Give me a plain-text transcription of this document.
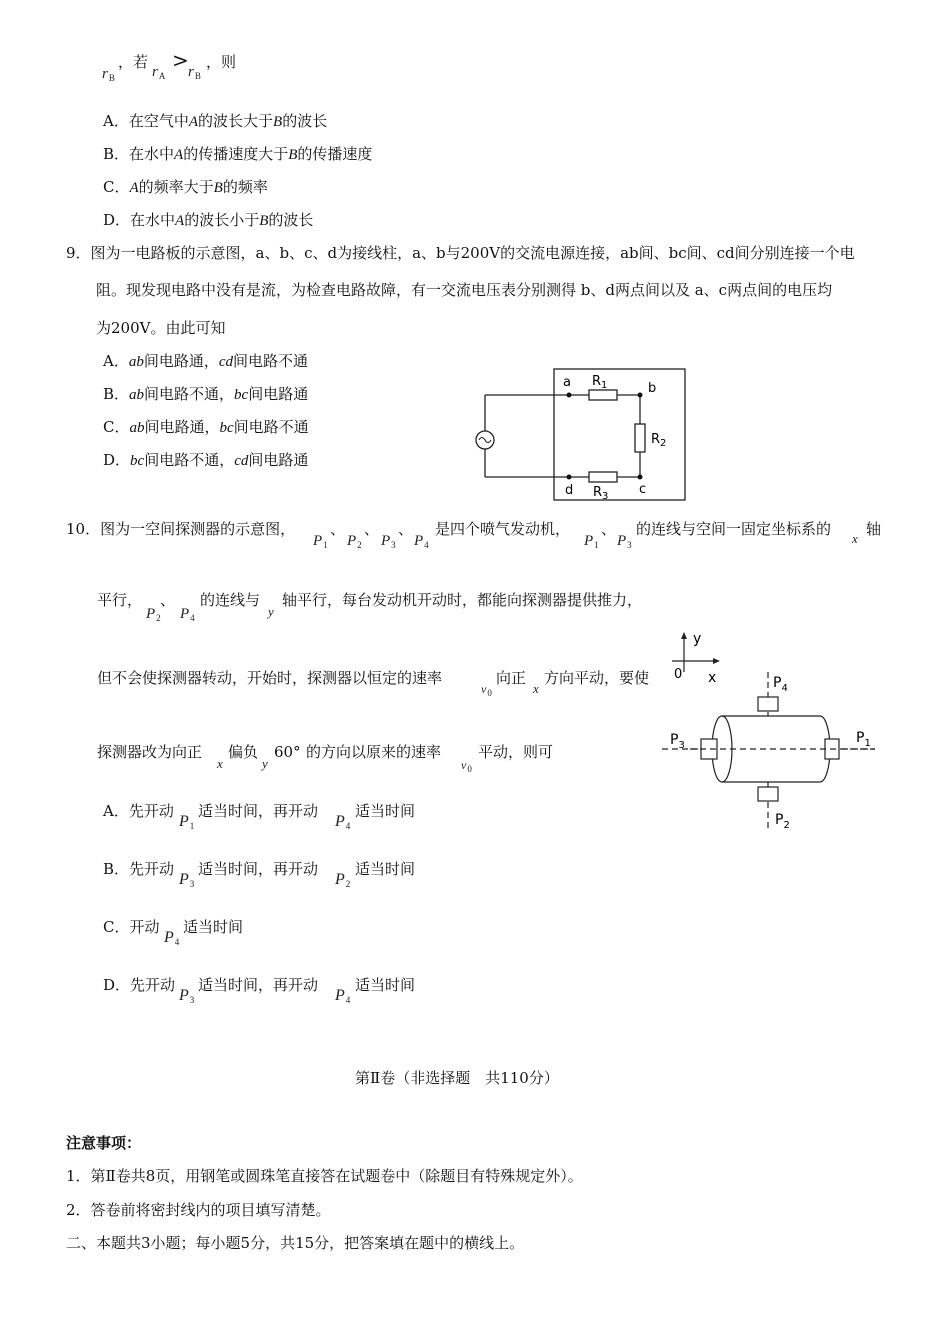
$r_B$
，若
$r_A$
> $r_B$
，则
A．在空气中A的波长大于B的波长
B．在水中A的传播速度大于B的传播速度
C．A的频率大于B的频率
D．在水中A的波长小于B的波长
9．图为一电路板的示意图，a、b、c、d为接线柱，a、b与200V的交流电源连接，ab间、bc间、cd间分别连接一个电
阻。现发现电路中没有是流，为检查电路故障，有一交流电压表分别测得 b、d两点间以及 a、c两点间的电压均
为200V。由此可知
A．ab间电路通，cd间电路不通
B．ab间电路不通，bc间电路通
C．ab间电路通，bc间电路不通
D．bc间电路不通，cd间电路通
a	b
c
d
$R_1$
$R_2$
$R_3$
10．图为一空间探测器的示意图，
$P_1$
、
$P_2$
、
$P_3$
、
$P_4$
是四个喷气发动机，
$P_1$
、
$P_3$
的连线与空间一固定坐标系的
x
轴
平行，
$P_2$
、
$P_4$
的连线与
y
轴平行，每台发动机开动时，都能向探测器提供推力，
但不会使探测器转动，开始时，探测器以恒定的速率
$v_0$
向正
x
方向平动，要使
探测器改为向正
x
偏负
y
60° 的方向以原来的速率
$v_0$
平动，则可
A．先开动
P1
适当时间，再开动
P4
适当时间
B．先开动
P3
适当时间，再开动
P2
适当时间
C．开动
P4
适当时间
D．先开动
P3
适当时间，再开动
P4
适当时间
y
0 x
$P_1$
$P_2$
$P_3$
$P_4$
第Ⅱ卷（非选择题　共110分）
注意事项：
1．第Ⅱ卷共8页，用钢笔或圆珠笔直接答在试题卷中（除题目有特殊规定外）。
2．答卷前将密封线内的项目填写清楚。
二、本题共3小题；每小题5分，共15分，把答案填在题中的横线上。
